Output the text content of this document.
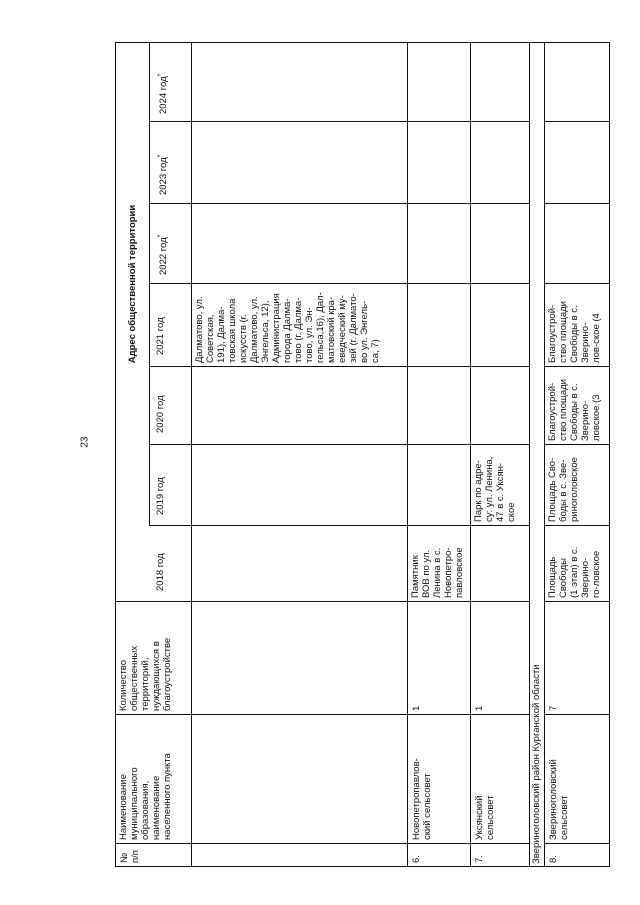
23
№
п/п
Наименование
муниципального
образования,
наименование
населенного пункта
Количество
общественных
территорий,
нуждающихся в
благоустройстве
Адрес общественной территории
2018 год
2019 год
2020 год
2021 год
2022 год*
2023 год*
2024 год*
Далматово, ул.
Советская,
191), Далма-
товская школа
искусств (г.
Далматово, ул.
Энгельса, 12),
Администрация
города Далма-
тово (г. Далма-
тово, ул. Эн-
гельса,16), Дал-
матовский кра-
еведческий му-
зей (г. Далмато-
во ул. Энгель-
са, 7)
6.
Новопетропавлов-
ский сельсовет
1
Памятник
ВОВ по ул.
Ленина в с.
Новопетро-
павловское
7.
Уксянский
сельсовет
1
Парк по адре-
су: ул. Ленина,
47 в с. Уксян-
ское
Звериноголовский район Курганской области 8.
Звериноголовский
сельсовет
7
Площадь
Свободы
(1 этап) в с.
Зверино-
го-ловское
Площадь Сво-
боды в с. Зве-
риноголовское
Благоустрой-
ство площади
Свободы в с.
Зверино-
ловское (3
Благоустрой-
ство площади
Свободы в с.
Зверино-
лов-ское (4
